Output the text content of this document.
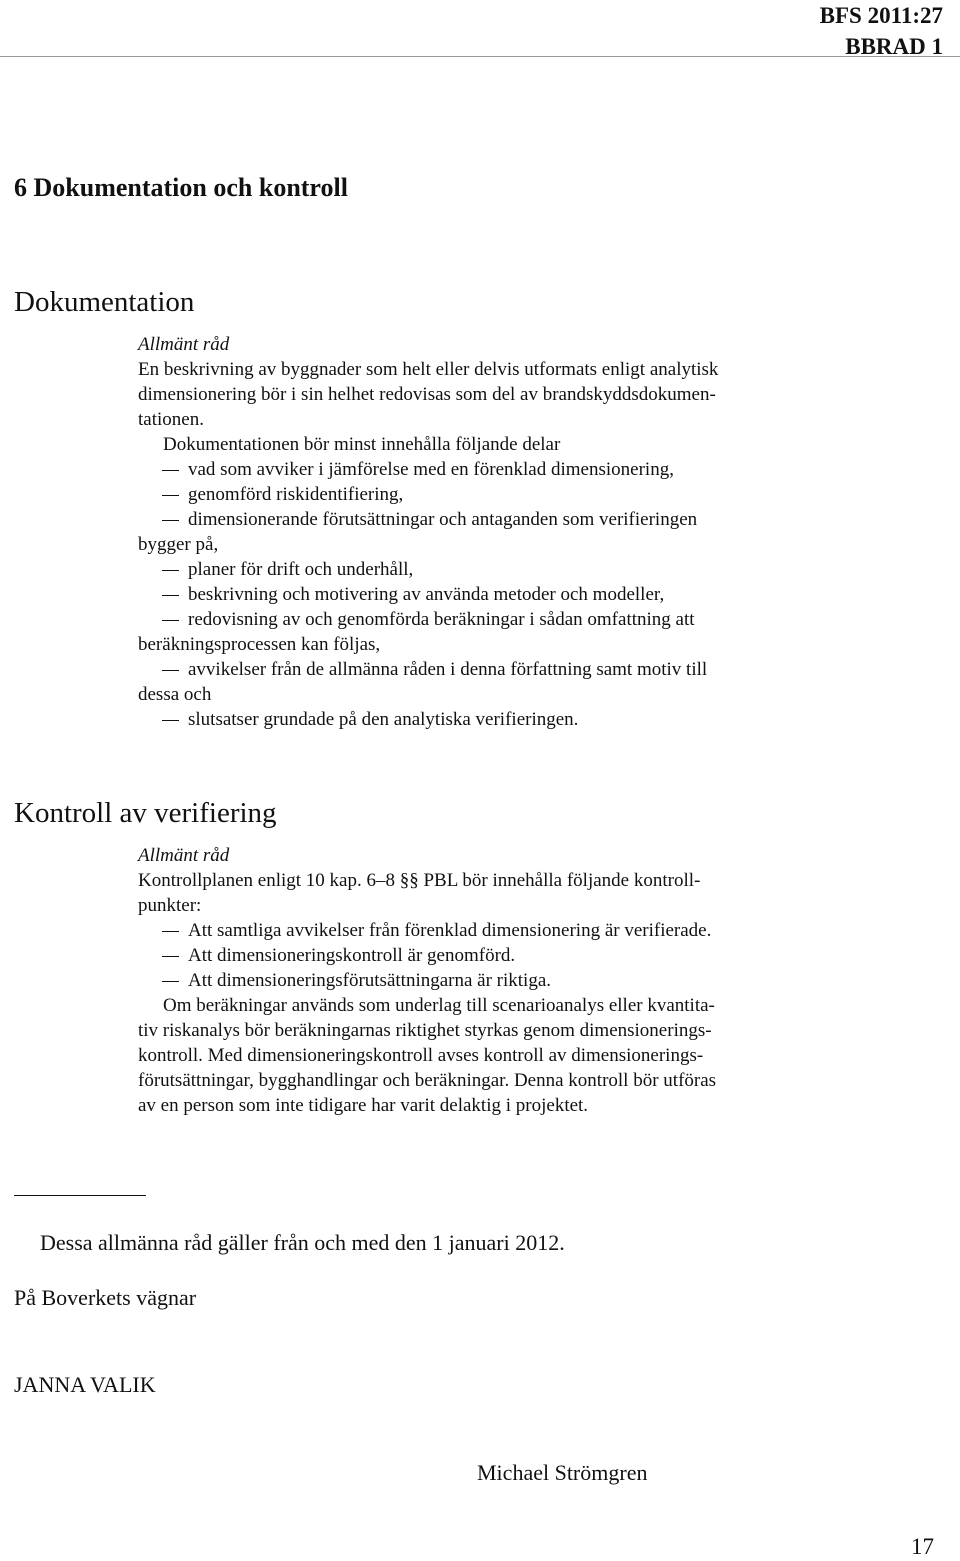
BFS 2011:27
BBRAD 1
6 Dokumentation och kontroll
Dokumentation
Allmänt råd
En beskrivning av byggnader som helt eller delvis utformats enligt analytisk
dimensionering bör i sin helhet redovisas som del av brandskyddsdokumen-
tationen.
Dokumentationen bör minst innehålla följande delar
vad som avviker i jämförelse med en förenklad dimensionering,
genomförd riskidentifiering,
dimensionerande förutsättningar och antaganden som verifieringen
bygger på,
planer för drift och underhåll,
beskrivning och motivering av använda metoder och modeller,
redovisning av och genomförda beräkningar i sådan omfattning att
beräkningsprocessen kan följas,
avvikelser från de allmänna råden i denna författning samt motiv till
dessa och
slutsatser grundade på den analytiska verifieringen.
Kontroll av verifiering
Allmänt råd
Kontrollplanen enligt 10 kap. 6–8 §§ PBL bör innehålla följande kontroll-
punkter:
Att samtliga avvikelser från förenklad dimensionering är verifierade.
Att dimensioneringskontroll är genomförd.
Att dimensioneringsförutsättningarna är riktiga.
Om beräkningar används som underlag till scenarioanalys eller kvantita-
tiv riskanalys bör beräkningarnas riktighet styrkas genom dimensionerings-
kontroll. Med dimensioneringskontroll avses kontroll av dimensionerings-
förutsättningar, bygghandlingar och beräkningar. Denna kontroll bör utföras
av en person som inte tidigare har varit delaktig i projektet.
Dessa allmänna råd gäller från och med den 1 januari 2012.
På Boverkets vägnar
JANNA VALIK
Michael Strömgren
17
